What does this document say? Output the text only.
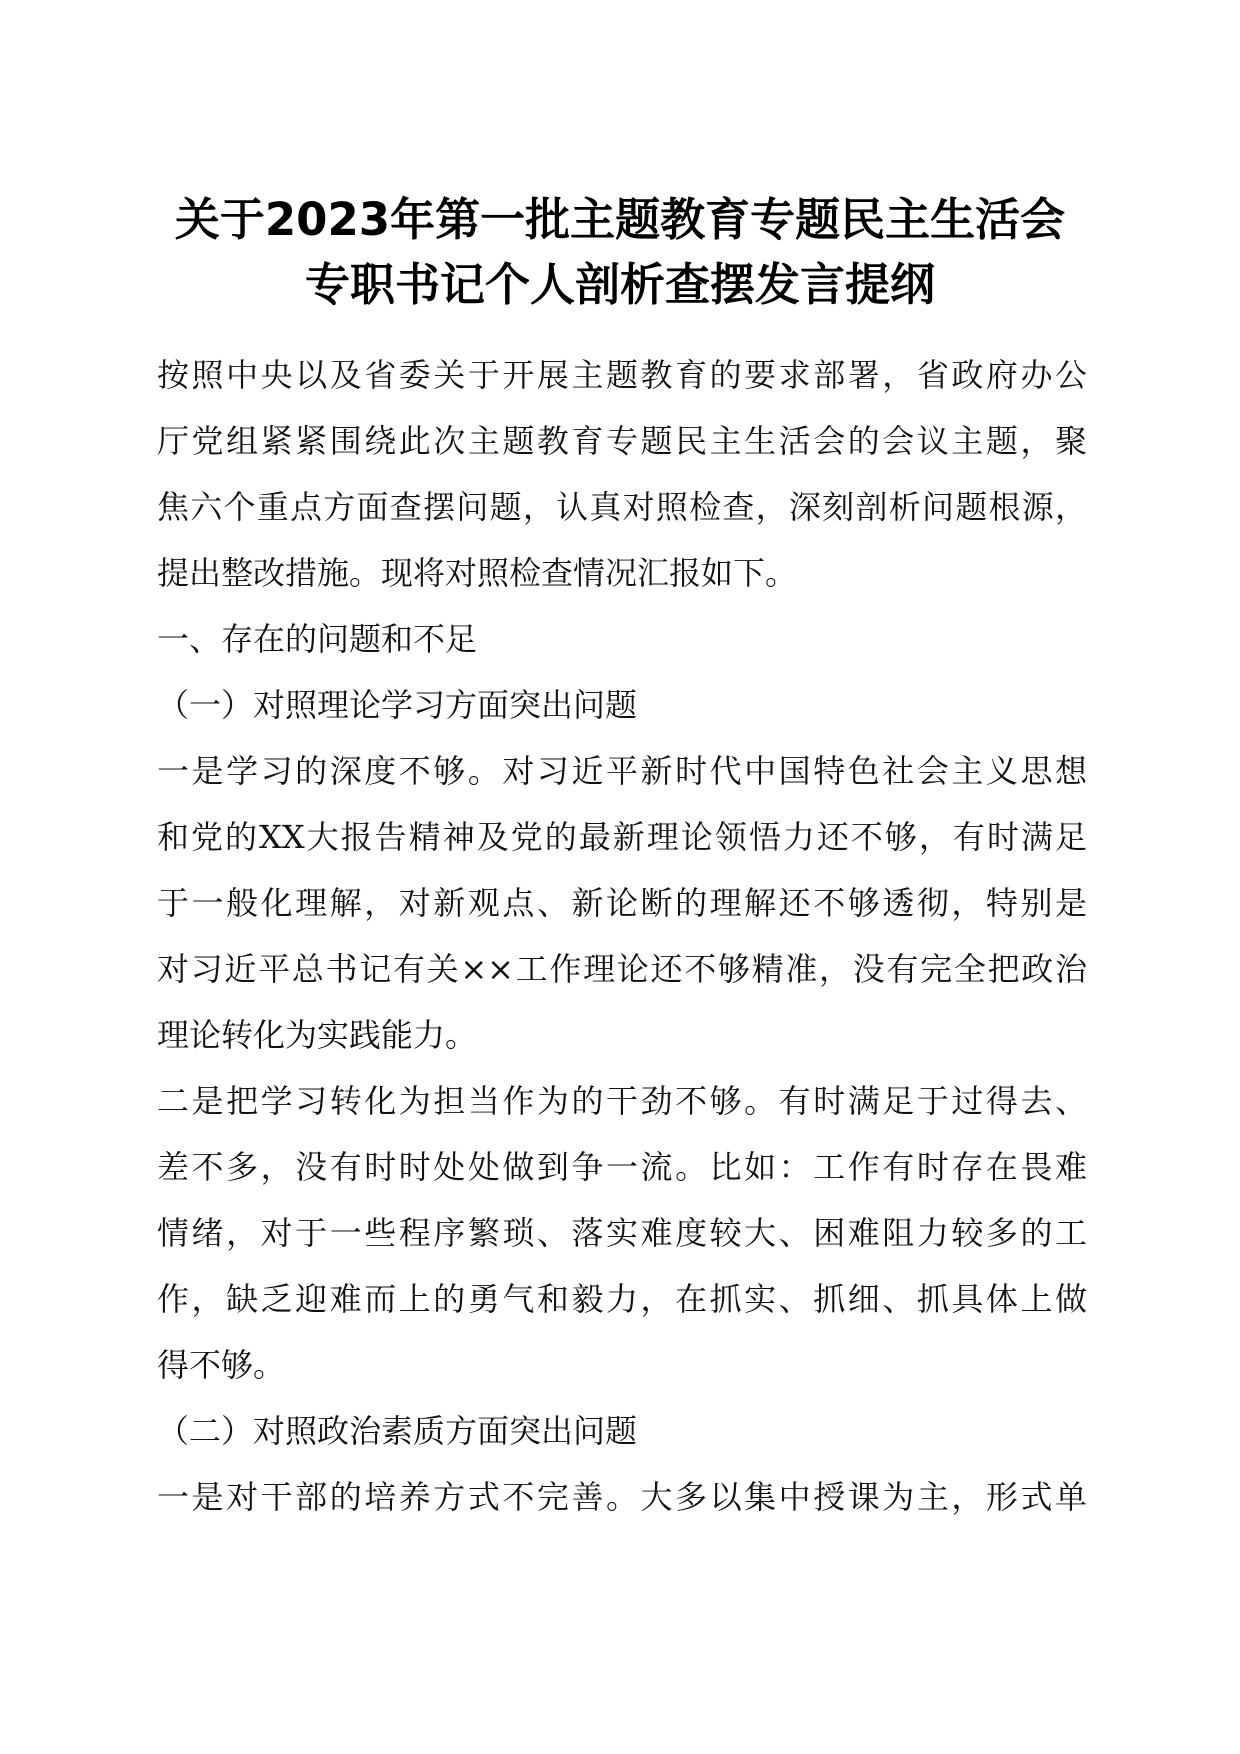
关于2023年第一批主题教育专题民主生活会
专职书记个人剖析查摆发言提纲
按照中央以及省委关于开展主题教育的要求部署，省政府办公
厅党组紧紧围绕此次主题教育专题民主生活会的会议主题，聚
焦六个重点方面查摆问题，认真对照检查，深刻剖析问题根源，
提出整改措施。现将对照检查情况汇报如下。
一、存在的问题和不足
（一）对照理论学习方面突出问题
一是学习的深度不够。对习近平新时代中国特色社会主义思想
和党的XX大报告精神及党的最新理论领悟力还不够，有时满足
于一般化理解，对新观点、新论断的理解还不够透彻，特别是
对习近平总书记有关××工作理论还不够精准，没有完全把政治
理论转化为实践能力。
二是把学习转化为担当作为的干劲不够。有时满足于过得去、
差不多，没有时时处处做到争一流。比如：工作有时存在畏难
情绪，对于一些程序繁琐、落实难度较大、困难阻力较多的工
作，缺乏迎难而上的勇气和毅力，在抓实、抓细、抓具体上做
得不够。
（二）对照政治素质方面突出问题
一是对干部的培养方式不完善。大多以集中授课为主，形式单
